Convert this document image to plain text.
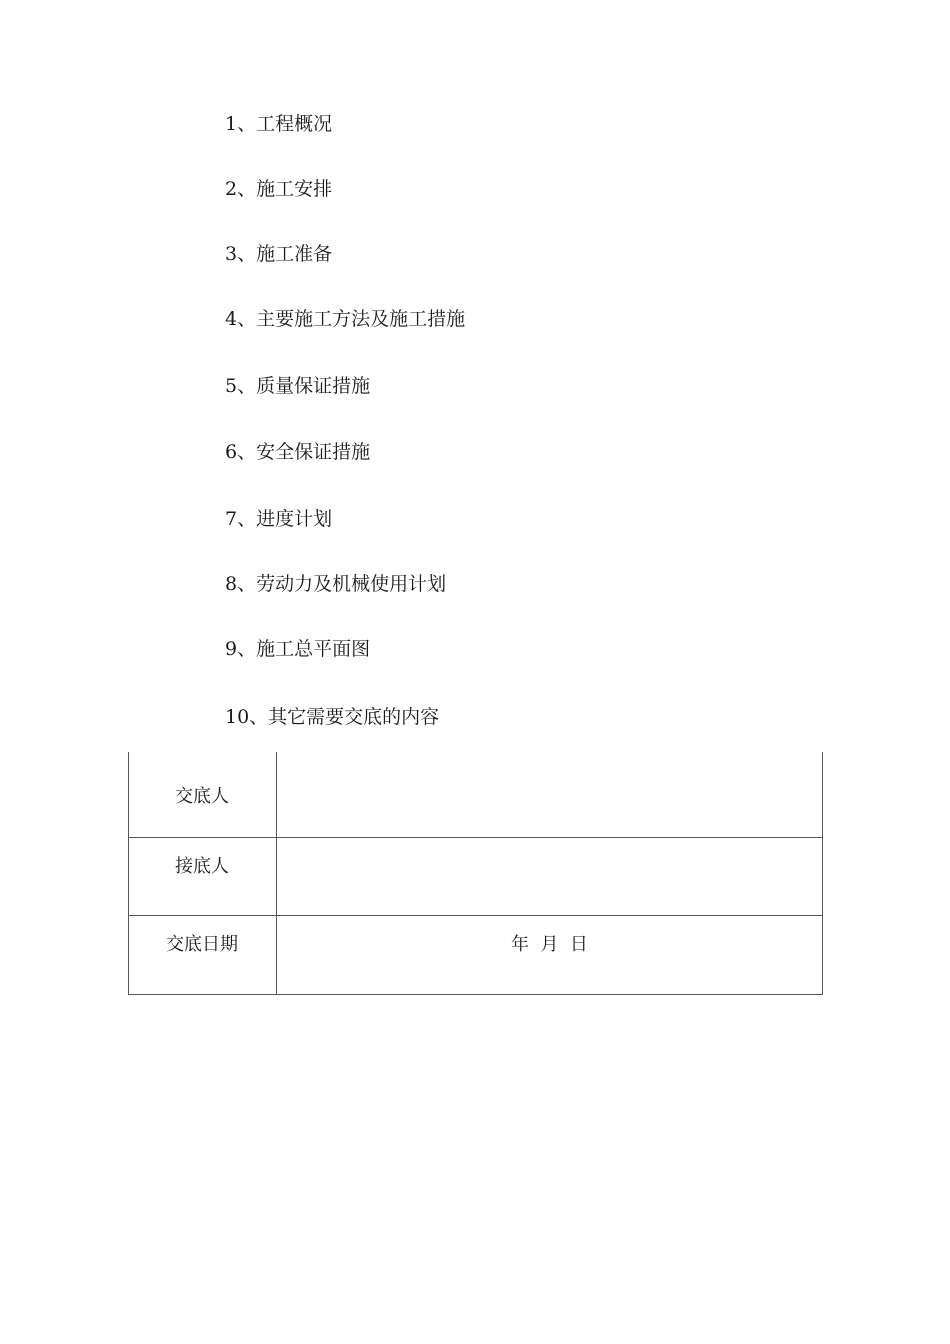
1、工程概况
2、施工安排
3、施工准备
4、主要施工方法及施工措施
5、质量保证措施
6、安全保证措施
7、进度计划
8、劳动力及机械使用计划
9、施工总平面图
10、其它需要交底的内容
交底人
接底人
交底日期	年  月  日
